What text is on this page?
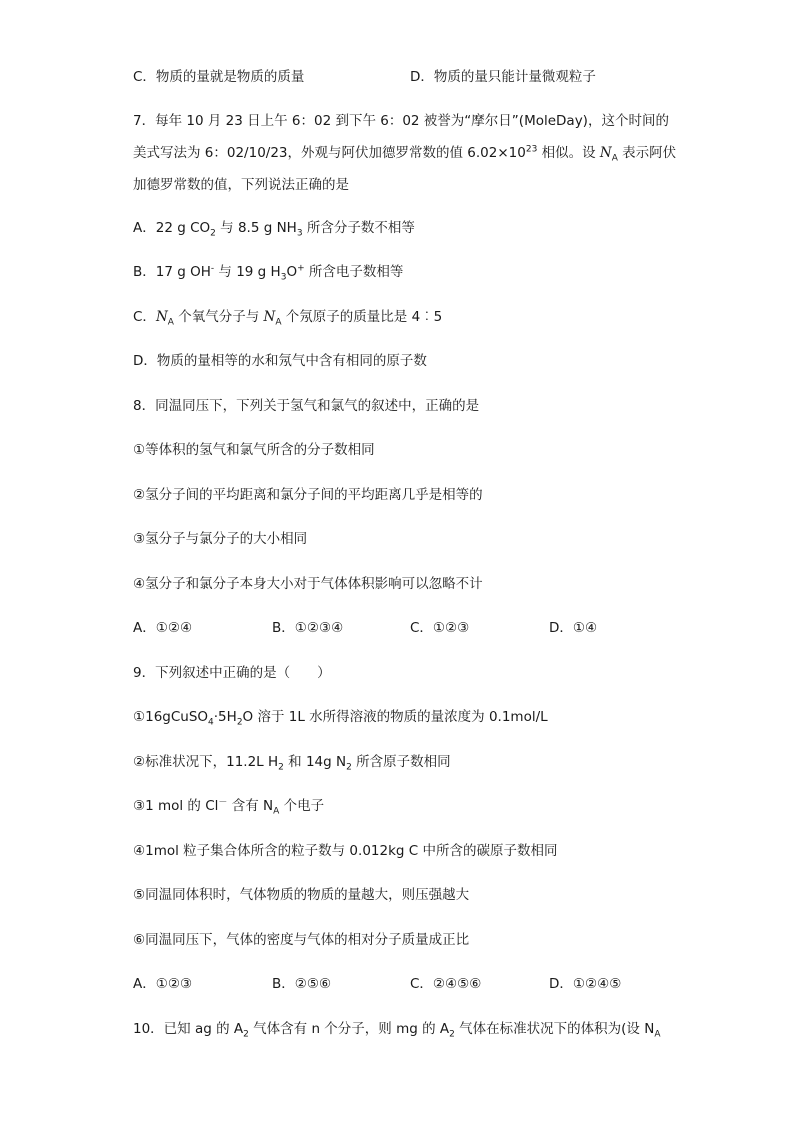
C．物质的量就是物质的质量	D．物质的量只能计量微观粒子
7．每年 10 月 23 日上午 6：02 到下午 6：02 被誉为“摩尔日”(MoleDay)，这个时间的
美式写法为 6：02/10/23，外观与阿伏加德罗常数的值 $6.02\times 10^{23}$ 相似。设 $N_A$ 表示阿伏
加德罗常数的值，下列说法正确的是
A．22 g $CO_2$ 与 8.5 g $NH_3$ 所含分子数不相等
B．17 g OH- 与 19 g $H_3O^+$ 所含电子数相等
C．$N_A$ 个氧气分子与 $N_A$ 个氖原子的质量比是 4︰5
D．物质的量相等的水和氖气中含有相同的原子数
8．同温同压下，下列关于氢气和氯气的叙述中，正确的是
①等体积的氢气和氯气所含的分子数相同
②氢分子间的平均距离和氯分子间的平均距离几乎是相等的
③氢分子与氯分子的大小相同
④氢分子和氯分子本身大小对于气体体积影响可以忽略不计
A．①②④	B．①②③④	C．①②③	D．①④
9．下列叙述中正确的是（　　）
$①16gCuSO_4\cdot 5H_2O$ 溶于 1L 水所得溶液的物质的量浓度为 0.1mol/L
②标准状况下，11.2L $H_2$ 和 14g $N_2$ 所含原子数相同
③1 mol 的 Cl－ 含有 $N_A$ 个电子
④1mol 粒子集合体所含的粒子数与 0.012kg C 中所含的碳原子数相同
⑤同温同体积时，气体物质的物质的量越大，则压强越大
⑥同温同压下，气体的密度与气体的相对分子质量成正比
A．①②③	B．②⑤⑥	C．②④⑤⑥	D．①②④⑤
10．已知 ag 的 $A_2$ 气体含有 n 个分子，则 mg 的 $A_2$ 气体在标准状况下的体积为(设 $N_A$
